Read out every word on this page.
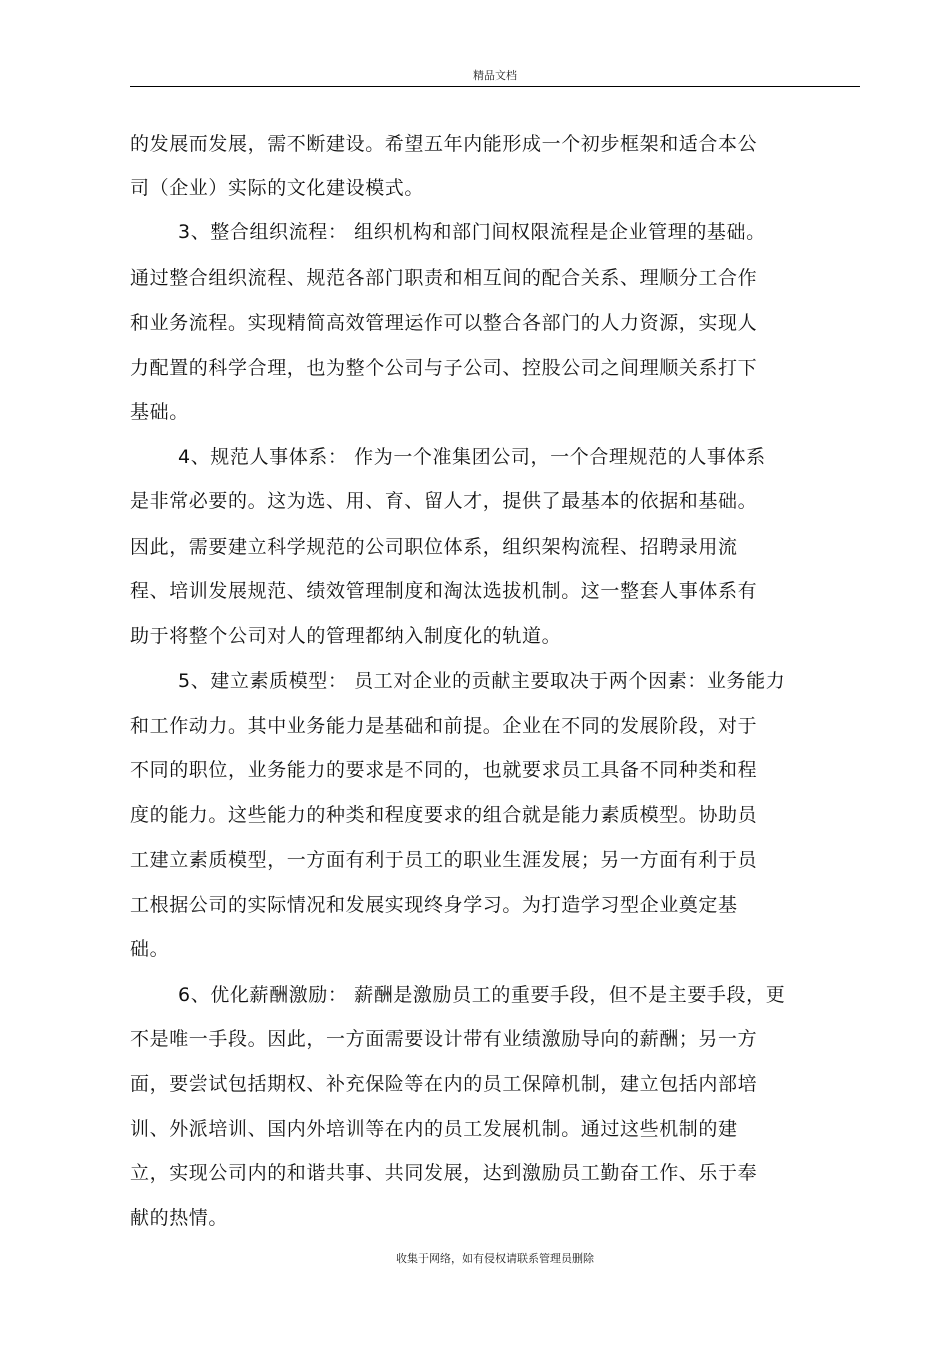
精品文档
的发展而发展，需不断建设。希望五年内能形成一个初步框架和适合本公
司（企业）实际的文化建设模式。
3、整合组织流程： 组织机构和部门间权限流程是企业管理的基础。
通过整合组织流程、规范各部门职责和相互间的配合关系、理顺分工合作
和业务流程。实现精简高效管理运作可以整合各部门的人力资源，实现人
力配置的科学合理，也为整个公司与子公司、控股公司之间理顺关系打下
基础。
4、规范人事体系： 作为一个准集团公司，一个合理规范的人事体系
是非常必要的。这为选、用、育、留人才，提供了最基本的依据和基础。
因此，需要建立科学规范的公司职位体系，组织架构流程、招聘录用流
程、培训发展规范、绩效管理制度和淘汰选拔机制。这一整套人事体系有
助于将整个公司对人的管理都纳入制度化的轨道。
5、建立素质模型： 员工对企业的贡献主要取决于两个因素：业务能力
和工作动力。其中业务能力是基础和前提。企业在不同的发展阶段，对于
不同的职位，业务能力的要求是不同的，也就要求员工具备不同种类和程
度的能力。这些能力的种类和程度要求的组合就是能力素质模型。协助员
工建立素质模型，一方面有利于员工的职业生涯发展；另一方面有利于员
工根据公司的实际情况和发展实现终身学习。为打造学习型企业奠定基
础。
6、优化薪酬激励： 薪酬是激励员工的重要手段，但不是主要手段，更
不是唯一手段。因此，一方面需要设计带有业绩激励导向的薪酬；另一方
面，要尝试包括期权、补充保险等在内的员工保障机制，建立包括内部培
训、外派培训、国内外培训等在内的员工发展机制。通过这些机制的建
立，实现公司内的和谐共事、共同发展，达到激励员工勤奋工作、乐于奉
献的热情。
收集于网络，如有侵权请联系管理员删除
